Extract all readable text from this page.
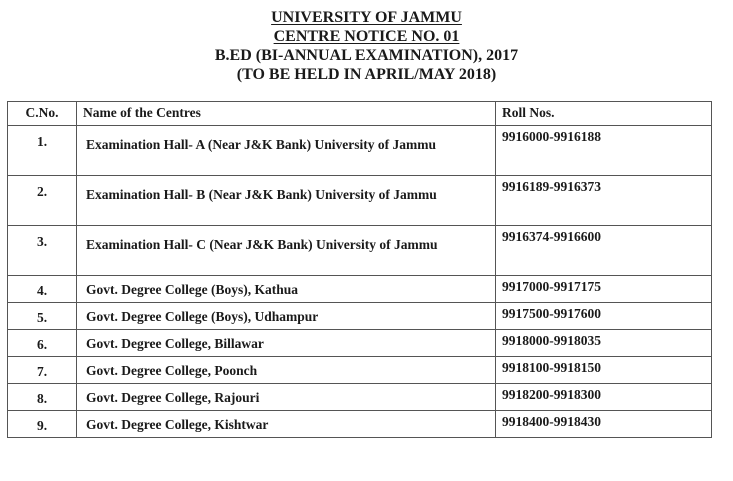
UNIVERSITY OF JAMMU
CENTRE NOTICE NO. 01
B.ED (BI-ANNUAL EXAMINATION), 2017
(TO BE HELD IN APRIL/MAY 2018)
C.No.	Name of the Centres	Roll Nos.
1.	Examination Hall- A (Near J&K Bank) University of Jammu	9916000-9916188
2.	Examination Hall- B (Near J&K Bank) University of Jammu	9916189-9916373
3.	Examination Hall- C (Near J&K Bank) University of Jammu	9916374-9916600
4.	Govt. Degree College (Boys), Kathua	9917000-9917175
5.	Govt. Degree College (Boys), Udhampur	9917500-9917600
6.	Govt. Degree College, Billawar	9918000-9918035
7.	Govt. Degree College, Poonch	9918100-9918150
8.	Govt. Degree College, Rajouri	9918200-9918300
9.	Govt. Degree College, Kishtwar	9918400-9918430
